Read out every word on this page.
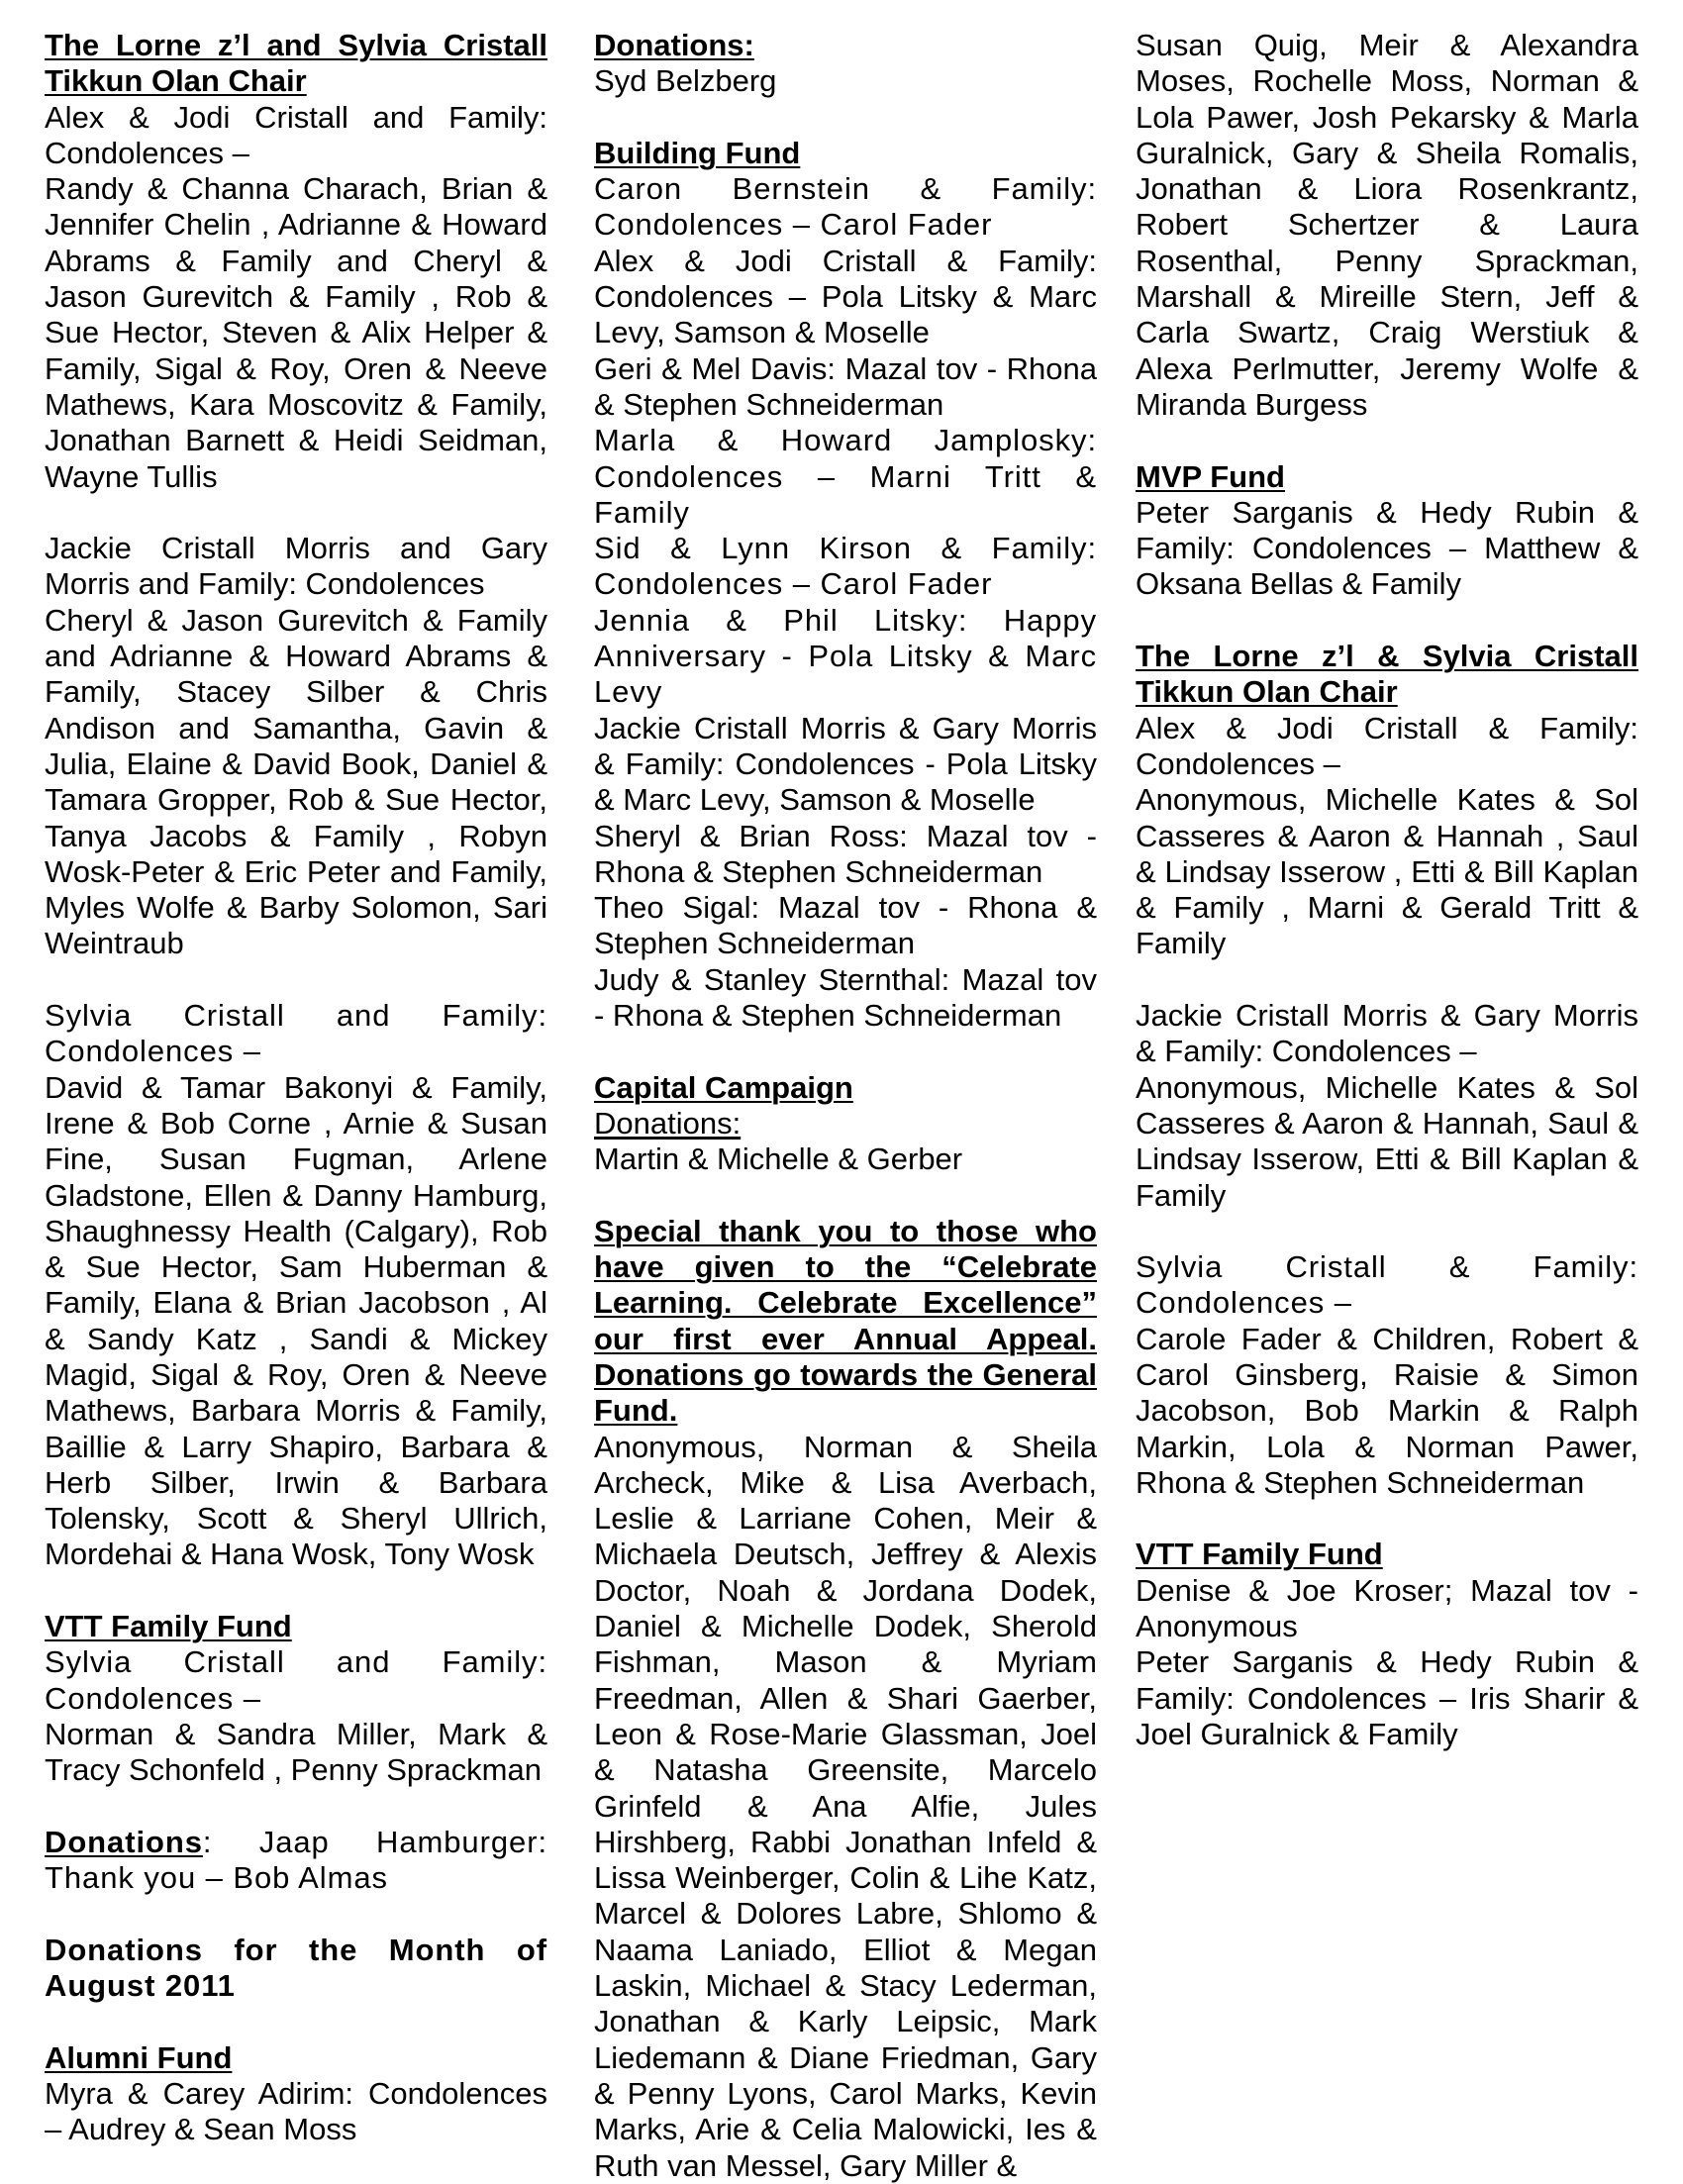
The Lorne z’l and Sylvia Cristall Tikkun Olan Chair

Alex & Jodi Cristall and Family: Condolences –

Randy & Channa Charach, Brian & Jennifer Chelin , Adrianne & Howard Abrams & Family and Cheryl & Jason Gurevitch & Family , Rob & Sue Hector, Steven & Alix Helper & Family, Sigal & Roy, Oren & Neeve Mathews, Kara Moscovitz & Family, Jonathan Barnett & Heidi Seidman, Wayne Tullis

Jackie Cristall Morris and Gary Morris and Family: Condolences

Cheryl & Jason Gurevitch & Family and Adrianne & Howard Abrams & Family, Stacey Silber & Chris Andison and Samantha, Gavin & Julia, Elaine & David Book, Daniel & Tamara Gropper, Rob & Sue Hector, Tanya Jacobs & Family , Robyn Wosk-Peter & Eric Peter and Family, Myles Wolfe & Barby Solomon, Sari Weintraub

Sylvia Cristall and Family: Condolences –

David & Tamar Bakonyi & Family, Irene & Bob Corne , Arnie & Susan Fine, Susan Fugman, Arlene Gladstone, Ellen & Danny Hamburg, Shaughnessy Health (Calgary), Rob & Sue Hector, Sam Huberman & Family, Elana & Brian Jacobson , Al & Sandy Katz , Sandi & Mickey Magid, Sigal & Roy, Oren & Neeve Mathews, Barbara Morris & Family, Baillie & Larry Shapiro, Barbara & Herb Silber, Irwin & Barbara Tolensky, Scott & Sheryl Ullrich, Mordehai & Hana Wosk, Tony Wosk

VTT Family Fund

Sylvia Cristall and Family: Condolences –

Norman & Sandra Miller, Mark & Tracy Schonfeld , Penny Sprackman

Donations: Jaap Hamburger: Thank you – Bob Almas

Donations for the Month of August 2011

Alumni Fund

Myra & Carey Adirim: Condolences – Audrey & Sean Moss

Donations:

Syd Belzberg

Building Fund

Caron Bernstein & Family: Condolences – Carol Fader

Alex & Jodi Cristall & Family: Condolences – Pola Litsky & Marc Levy, Samson & Moselle

Geri & Mel Davis: Mazal tov - Rhona & Stephen Schneiderman

Marla & Howard Jamplosky: Condolences – Marni Tritt & Family

Sid & Lynn Kirson & Family: Condolences – Carol Fader

Jennia & Phil Litsky: Happy Anniversary - Pola Litsky & Marc Levy

Jackie Cristall Morris & Gary Morris & Family: Condolences - Pola Litsky & Marc Levy, Samson & Moselle

Sheryl & Brian Ross: Mazal tov - Rhona & Stephen Schneiderman

Theo Sigal: Mazal tov - Rhona & Stephen Schneiderman

Judy & Stanley Sternthal: Mazal tov - Rhona & Stephen Schneiderman

Capital Campaign

Donations:

Martin & Michelle & Gerber

Special thank you to those who have given to the “Celebrate Learning. Celebrate Excellence” our first ever Annual Appeal. Donations go towards the General Fund.

Anonymous, Norman & Sheila Archeck, Mike & Lisa Averbach, Leslie & Larriane Cohen, Meir & Michaela Deutsch, Jeffrey & Alexis Doctor, Noah & Jordana Dodek, Daniel & Michelle Dodek, Sherold Fishman, Mason & Myriam Freedman, Allen & Shari Gaerber, Leon & Rose-Marie Glassman, Joel & Natasha Greensite, Marcelo Grinfeld & Ana Alfie, Jules Hirshberg, Rabbi Jonathan Infeld & Lissa Weinberger, Colin & Lihe Katz, Marcel & Dolores Labre, Shlomo & Naama Laniado, Elliot & Megan Laskin, Michael & Stacy Lederman, Jonathan & Karly Leipsic, Mark Liedemann & Diane Friedman, Gary & Penny Lyons, Carol Marks, Kevin Marks, Arie & Celia Malowicki, Ies & Ruth van Messel, Gary Miller &

Susan Quig, Meir & Alexandra Moses, Rochelle Moss, Norman & Lola Pawer, Josh Pekarsky & Marla Guralnick, Gary & Sheila Romalis, Jonathan & Liora Rosenkrantz, Robert Schertzer & Laura Rosenthal, Penny Sprackman, Marshall & Mireille Stern, Jeff & Carla Swartz, Craig Werstiuk & Alexa Perlmutter, Jeremy Wolfe & Miranda Burgess

MVP Fund

Peter Sarganis & Hedy Rubin & Family: Condolences – Matthew & Oksana Bellas & Family

The Lorne z’l & Sylvia Cristall Tikkun Olan Chair

Alex & Jodi Cristall & Family: Condolences –

Anonymous, Michelle Kates & Sol Casseres & Aaron & Hannah , Saul & Lindsay Isserow , Etti & Bill Kaplan & Family , Marni & Gerald Tritt & Family

Jackie Cristall Morris & Gary Morris & Family: Condolences –

Anonymous, Michelle Kates & Sol Casseres & Aaron & Hannah, Saul & Lindsay Isserow, Etti & Bill Kaplan & Family

Sylvia Cristall & Family: Condolences –

Carole Fader & Children, Robert & Carol Ginsberg, Raisie & Simon Jacobson, Bob Markin & Ralph Markin, Lola & Norman Pawer, Rhona & Stephen Schneiderman

VTT Family Fund

Denise & Joe Kroser; Mazal tov - Anonymous

Peter Sarganis & Hedy Rubin & Family: Condolences – Iris Sharir & Joel Guralnick & Family
